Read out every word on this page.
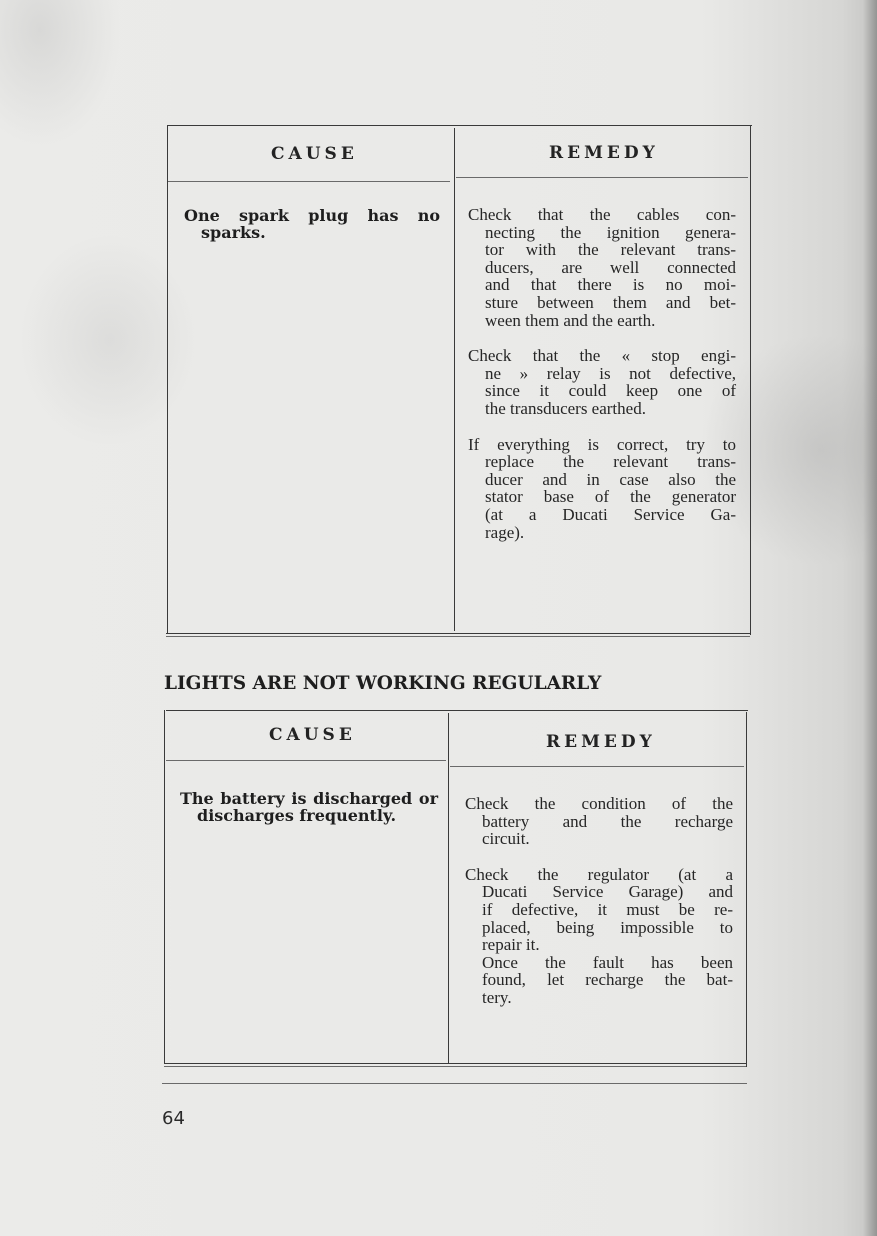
CAUSE	REMEDY
One spark plug has no
sparks.

Check that the cables con-
necting the ignition genera-
tor with the relevant trans-
ducers, are well connected
and that there is no moi-
sture between them and bet-
ween them and the earth.

Check that the « stop engi-
ne » relay is not defective,
since it could keep one of
the transducers earthed.

If everything is correct, try to
replace the relevant trans-
ducer and in case also the
stator base of the generator
(at a Ducati Service Ga-
rage).

LIGHTS ARE NOT WORKING REGULARLY
CAUSE	REMEDY
The battery is discharged or
discharges frequently.

Check the condition of the
battery and the recharge
circuit.

Check the regulator (at a
Ducati Service Garage) and
if defective, it must be re-
placed, being impossible to
repair it.

Once the fault has been
found, let recharge the bat-
tery.

64
